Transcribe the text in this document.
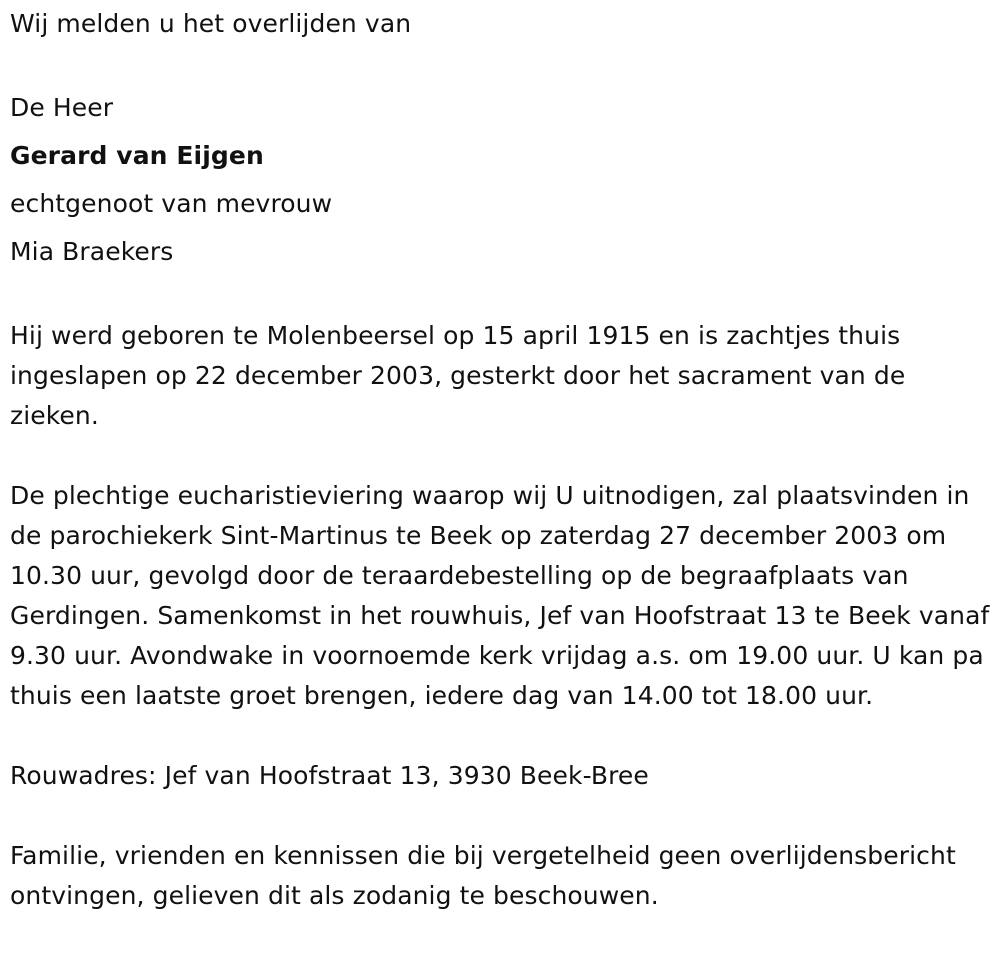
Wij melden u het overlijden van
De Heer
Gerard van Eijgen
echtgenoot van mevrouw
Mia Braekers
Hij werd geboren te Molenbeersel op 15 april 1915 en is zachtjes thuis ingeslapen op 22 december 2003, gesterkt door het sacrament van de zieken.
De plechtige eucharistieviering waarop wij U uitnodigen, zal plaatsvinden in de parochiekerk Sint-Martinus te Beek op zaterdag 27 december 2003 om 10.30 uur, gevolgd door de teraardebestelling op de begraafplaats van Gerdingen. Samenkomst in het rouwhuis, Jef van Hoofstraat 13 te Beek vanaf 9.30 uur. Avondwake in voornoemde kerk vrijdag a.s. om 19.00 uur. U kan pa thuis een laatste groet brengen, iedere dag van 14.00 tot 18.00 uur.
Rouwadres: Jef van Hoofstraat 13, 3930 Beek-Bree
Familie, vrienden en kennissen die bij vergetelheid geen overlijdensbericht ontvingen, gelieven dit als zodanig te beschouwen.
